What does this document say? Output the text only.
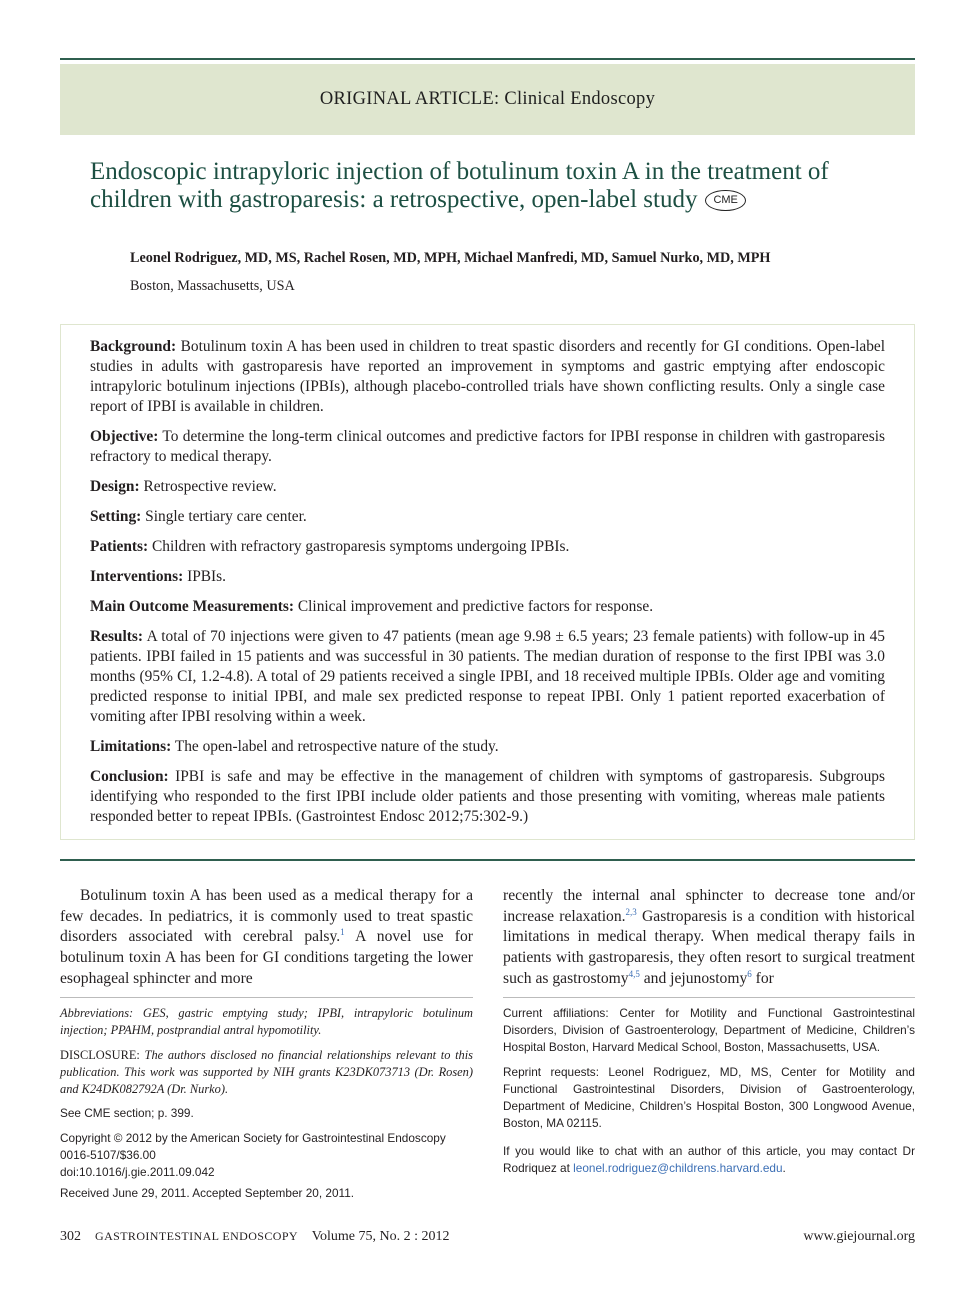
ORIGINAL ARTICLE: Clinical Endoscopy
Endoscopic intrapyloric injection of botulinum toxin A in the treatment of children with gastroparesis: a retrospective, open-label study CME
Leonel Rodriguez, MD, MS, Rachel Rosen, MD, MPH, Michael Manfredi, MD, Samuel Nurko, MD, MPH
Boston, Massachusetts, USA

Background: Botulinum toxin A has been used in children to treat spastic disorders and recently for GI conditions. Open-label studies in adults with gastroparesis have reported an improvement in symptoms and gastric emptying after endoscopic intrapyloric botulinum injections (IPBIs), although placebo-controlled trials have shown conflicting results. Only a single case report of IPBI is available in children.

Objective: To determine the long-term clinical outcomes and predictive factors for IPBI response in children with gastroparesis refractory to medical therapy.

Design: Retrospective review.

Setting: Single tertiary care center.

Patients: Children with refractory gastroparesis symptoms undergoing IPBIs.

Interventions: IPBIs.

Main Outcome Measurements: Clinical improvement and predictive factors for response.

Results: A total of 70 injections were given to 47 patients (mean age 9.98 ± 6.5 years; 23 female patients) with follow-up in 45 patients. IPBI failed in 15 patients and was successful in 30 patients. The median duration of response to the first IPBI was 3.0 months (95% CI, 1.2-4.8). A total of 29 patients received a single IPBI, and 18 received multiple IPBIs. Older age and vomiting predicted response to initial IPBI, and male sex predicted response to repeat IPBI. Only 1 patient reported exacerbation of vomiting after IPBI resolving within a week.

Limitations: The open-label and retrospective nature of the study.

Conclusion: IPBI is safe and may be effective in the management of children with symptoms of gastroparesis. Subgroups identifying who responded to the first IPBI include older patients and those presenting with vomiting, whereas male patients responded better to repeat IPBIs. (Gastrointest Endosc 2012;75:302-9.)

Botulinum toxin A has been used as a medical therapy for a few decades. In pediatrics, it is commonly used to treat spastic disorders associated with cerebral palsy.$^1$ A novel use for botulinum toxin A has been for GI conditions targeting the lower esophageal sphincter and more
recently the internal anal sphincter to decrease tone and/or increase relaxation.$^{2,3}$ Gastroparesis is a condition with historical limitations in medical therapy. When medical therapy fails in patients with gastroparesis, they often resort to surgical treatment such as gastrostomy$^{4,5}$ and jejunostomy$^6$ for
Abbreviations: GES, gastric emptying study; IPBI, intrapyloric botulinum injection; PPAHM, postprandial antral hypomotility.
DISCLOSURE: The authors disclosed no financial relationships relevant to this publication. This work was supported by NIH grants K23DK073713 (Dr. Rosen) and K24DK082792A (Dr. Nurko).
See CME section; p. 399.
Copyright © 2012 by the American Society for Gastrointestinal Endoscopy
0016-5107/$36.00
doi:10.1016/j.gie.2011.09.042
Received June 29, 2011. Accepted September 20, 2011.
Current affiliations: Center for Motility and Functional Gastrointestinal Disorders, Division of Gastroenterology, Department of Medicine, Children’s Hospital Boston, Harvard Medical School, Boston, Massachusetts, USA.
Reprint requests: Leonel Rodriguez, MD, MS, Center for Motility and Functional Gastrointestinal Disorders, Division of Gastroenterology, Department of Medicine, Children’s Hospital Boston, 300 Longwood Avenue, Boston, MA 02115.
If you would like to chat with an author of this article, you may contact Dr Rodriquez at leonel.rodriguez@childrens.harvard.edu.
302 GASTROINTESTINAL ENDOSCOPY Volume 75, No. 2 : 2012	www.giejournal.org
